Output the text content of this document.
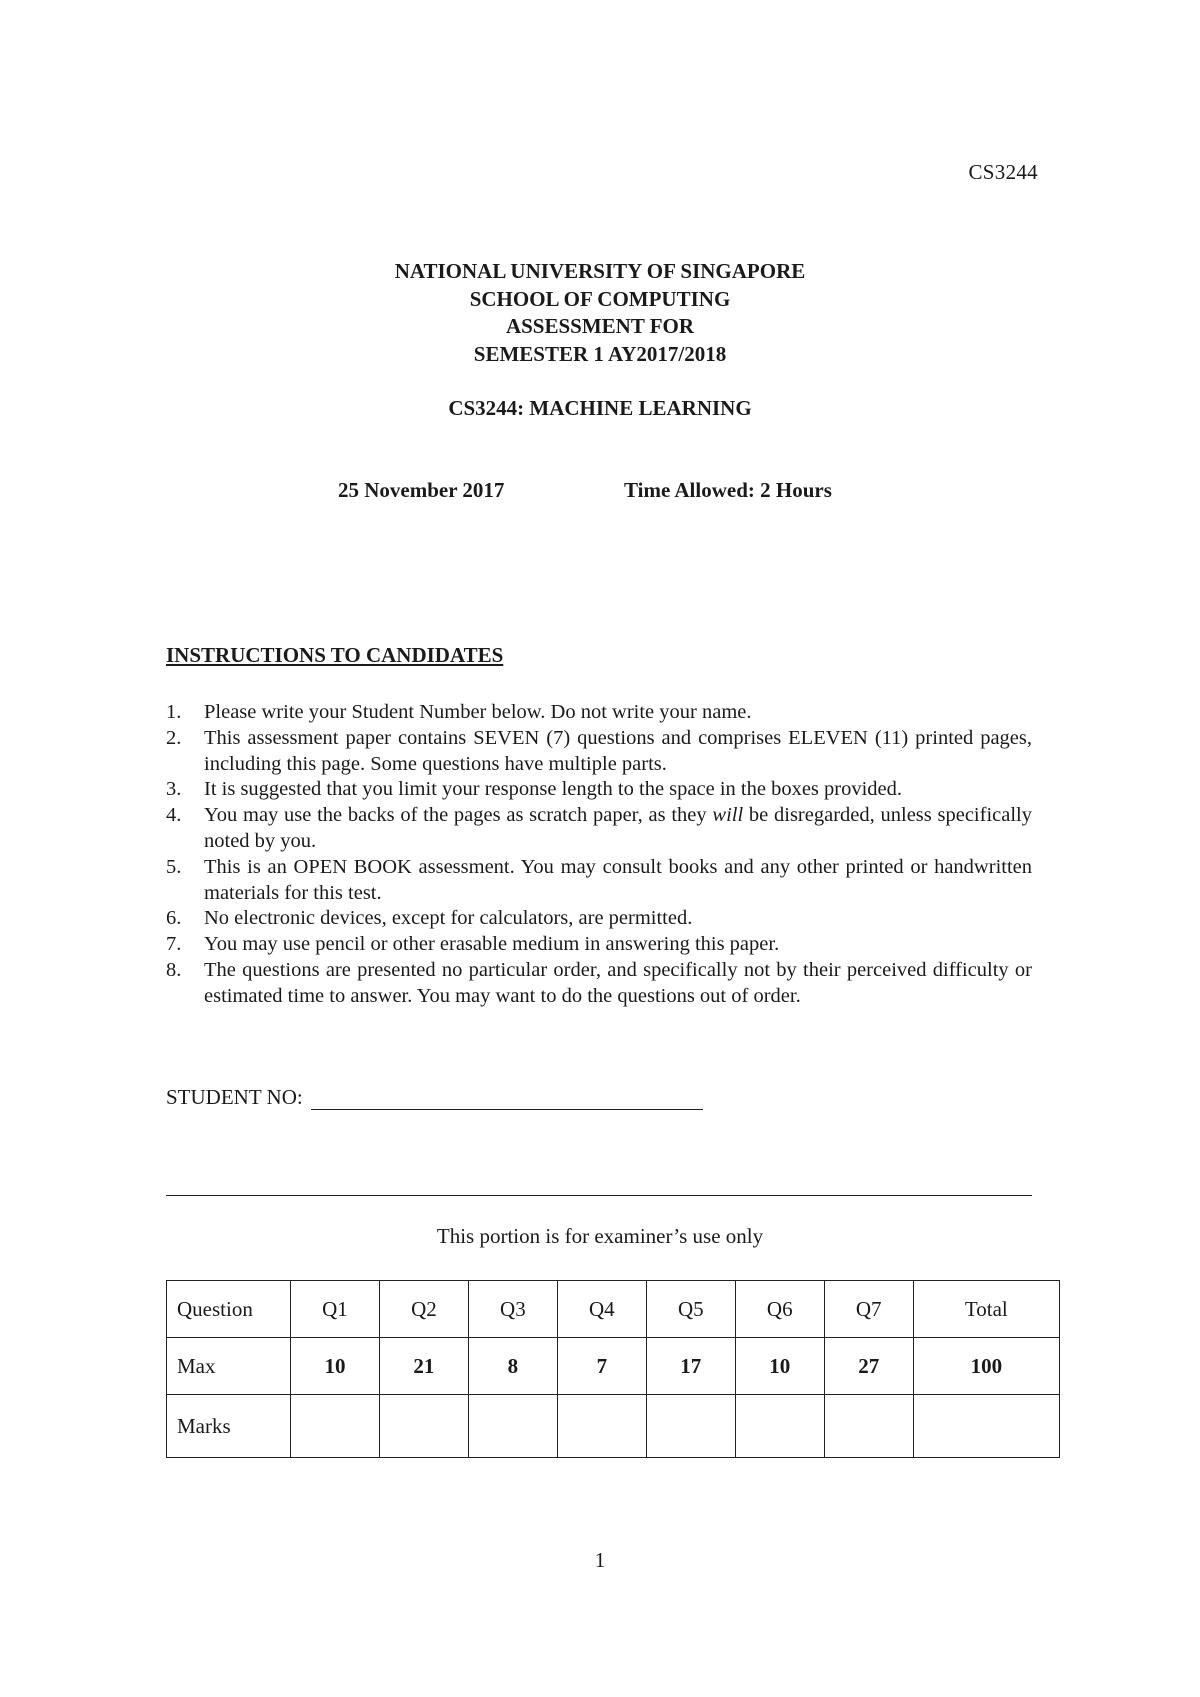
CS3244
NATIONAL UNIVERSITY OF SINGAPORE
SCHOOL OF COMPUTING
ASSESSMENT FOR
SEMESTER 1 AY2017/2018
CS3244: MACHINE LEARNING
25 November 2017	Time Allowed: 2 Hours
INSTRUCTIONS TO CANDIDATES
1. Please write your Student Number below. Do not write your name.
2. This assessment paper contains SEVEN (7) questions and comprises ELEVEN (11) printed pages, including this page. Some questions have multiple parts.
3. It is suggested that you limit your response length to the space in the boxes provided.
4. You may use the backs of the pages as scratch paper, as they will be disregarded, unless specifically noted by you.
5. This is an OPEN BOOK assessment. You may consult books and any other printed or handwritten materials for this test.
6. No electronic devices, except for calculators, are permitted.
7. You may use pencil or other erasable medium in answering this paper.
8. The questions are presented no particular order, and specifically not by their perceived difficulty or estimated time to answer. You may want to do the questions out of order.
STUDENT NO:
This portion is for examiner’s use only
Question	Q1	Q2	Q3	Q4	Q5	Q6	Q7	Total
Max	10	21	8	7	17	10	27	100
Marks								
1
